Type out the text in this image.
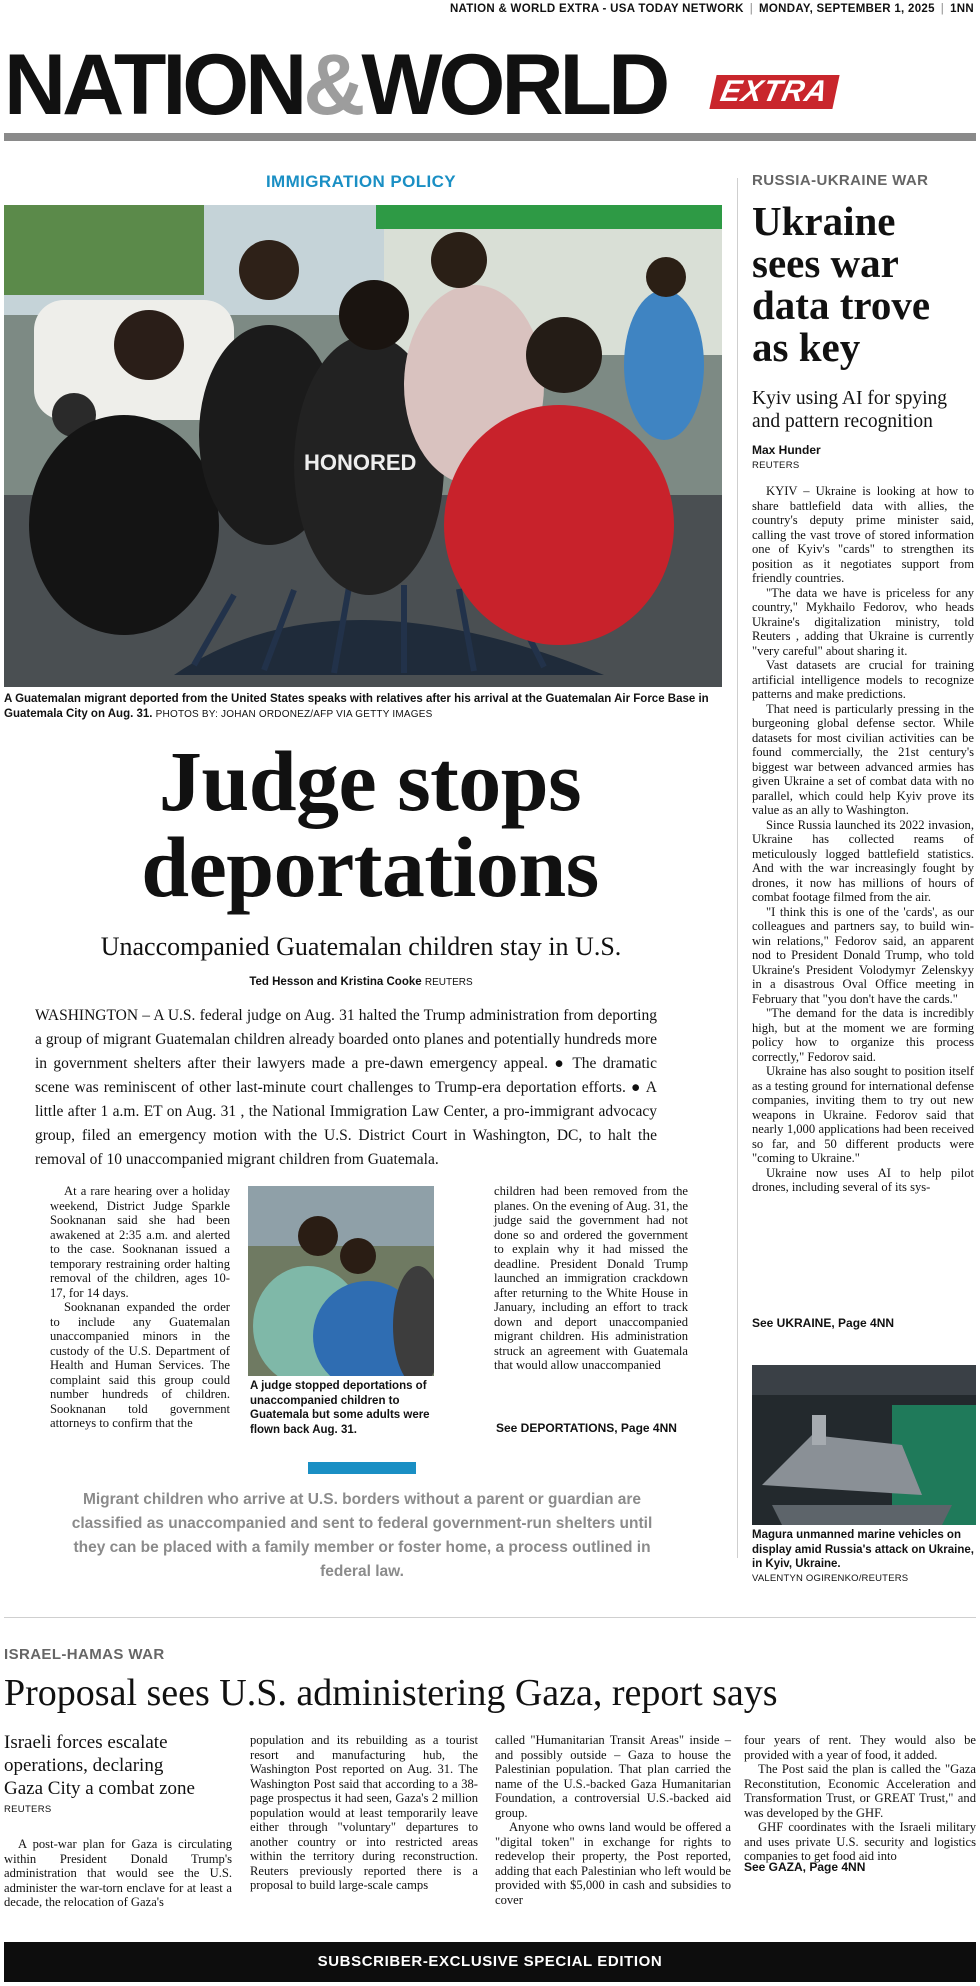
NATION & WORLD EXTRA - USA TODAY NETWORK | MONDAY, SEPTEMBER 1, 2025 | 1NN
NATION&WORLD EXTRA
IMMIGRATION POLICY
HONORED
A Guatemalan migrant deported from the United States speaks with relatives after his arrival at the Guatemalan Air Force Base in Guatemala City on Aug. 31. PHOTOS BY: JOHAN ORDONEZ/AFP VIA GETTY IMAGES
Judge stops
deportations
Unaccompanied Guatemalan children stay in U.S.
Ted Hesson and Kristina Cooke REUTERS
WASHINGTON – A U.S. federal judge on Aug. 31 halted the Trump administration from deporting a group of migrant Guatemalan children already boarded onto planes and potentially hundreds more in government shelters after their lawyers made a pre-dawn emergency appeal. ● The dramatic scene was reminiscent of other last-minute court challenges to Trump-era deportation efforts. ● A little after 1 a.m. ET on Aug. 31 , the National Immigration Law Center, a pro-immigrant advocacy group, filed an emergency motion with the U.S. District Court in Washington, DC, to halt the removal of 10 unaccompanied migrant children from Guatemala.

At a rare hearing over a holiday weekend, District Judge Sparkle Sooknanan said she had been awakened at 2:35 a.m. and alerted to the case. Sooknanan issued a temporary restraining order halting removal of the children, ages 10-17, for 14 days.

Sooknanan expanded the order to include any Guatemalan unaccompanied minors in the custody of the U.S. Department of Health and Human Services. The complaint said this group could number hundreds of children. Sooknanan told government attorneys to confirm that the

A judge stopped deportations of unaccompanied children to Guatemala but some adults were flown back Aug. 31.

children had been removed from the planes. On the evening of Aug. 31, the judge said the government had not done so and ordered the government to explain why it had missed the deadline. President Donald Trump launched an immigration crackdown after returning to the White House in January, including an effort to track down and deport unaccompanied migrant children. His administration struck an agreement with Guatemala that would allow unaccompanied

See DEPORTATIONS, Page 4NN
Migrant children who arrive at U.S. borders without a parent or guardian are classified as unaccompanied and sent to federal government-run shelters until they can be placed with a family member or foster home, a process outlined in federal law.
RUSSIA-UKRAINE WAR
Ukraine sees war data trove as key
Kyiv using AI for spying and pattern recognition
Max Hunder
REUTERS

KYIV – Ukraine is looking at how to share battlefield data with allies, the country's deputy prime minister said, calling the vast trove of stored information one of Kyiv's "cards" to strengthen its position as it negotiates support from friendly countries.

"The data we have is priceless for any country," Mykhailo Fedorov, who heads Ukraine's digitalization ministry, told Reuters , adding that Ukraine is currently "very careful" about sharing it.

Vast datasets are crucial for training artificial intelligence models to recognize patterns and make predictions.

That need is particularly pressing in the burgeoning global defense sector. While datasets for most civilian activities can be found commercially, the 21st century's biggest war between advanced armies has given Ukraine a set of combat data with no parallel, which could help Kyiv prove its value as an ally to Washington.

Since Russia launched its 2022 invasion, Ukraine has collected reams of meticulously logged battlefield statistics. And with the war increasingly fought by drones, it now has millions of hours of combat footage filmed from the air.

"I think this is one of the 'cards', as our colleagues and partners say, to build win-win relations," Fedorov said, an apparent nod to President Donald Trump, who told Ukraine's President Volodymyr Zelenskyy in a disastrous Oval Office meeting in February that "you don't have the cards."

"The demand for the data is incredibly high, but at the moment we are forming policy how to organize this process correctly," Fedorov said.

Ukraine has also sought to position itself as a testing ground for international defense companies, inviting them to try out new weapons in Ukraine. Fedorov said that nearly 1,000 applications had been received so far, and 50 different products were "coming to Ukraine."

Ukraine now uses AI to help pilot drones, including several of its sys-

See UKRAINE, Page 4NN
Magura unmanned marine vehicles on display amid Russia's attack on Ukraine, in Kyiv, Ukraine.
VALENTYN OGIRENKO/REUTERS
ISRAEL-HAMAS WAR
Proposal sees U.S. administering Gaza, report says
Israeli forces escalate operations, declaring Gaza City a combat zone
REUTERS

A post-war plan for Gaza is circulating within President Donald Trump's administration that would see the U.S. administer the war-torn enclave for at least a decade, the relocation of Gaza's

population and its rebuilding as a tourist resort and manufacturing hub, the Washington Post reported on Aug. 31. The Washington Post said that according to a 38-page prospectus it had seen, Gaza's 2 million population would at least temporarily leave either through "voluntary" departures to another country or into restricted areas within the territory during reconstruction. Reuters previously reported there is a proposal to build large-scale camps

called "Humanitarian Transit Areas" inside – and possibly outside – Gaza to house the Palestinian population. That plan carried the name of the U.S.-backed Gaza Humanitarian Foundation, a controversial U.S.-backed aid group.

Anyone who owns land would be offered a "digital token" in exchange for rights to redevelop their property, the Post reported, adding that each Palestinian who left would be provided with $5,000 in cash and subsidies to cover

four years of rent. They would also be provided with a year of food, it added.

The Post said the plan is called the "Gaza Reconstitution, Economic Acceleration and Transformation Trust, or GREAT Trust," and was developed by the GHF.

GHF coordinates with the Israeli military and uses private U.S. security and logistics companies to get food aid into

See GAZA, Page 4NN
SUBSCRIBER-EXCLUSIVE SPECIAL EDITION
